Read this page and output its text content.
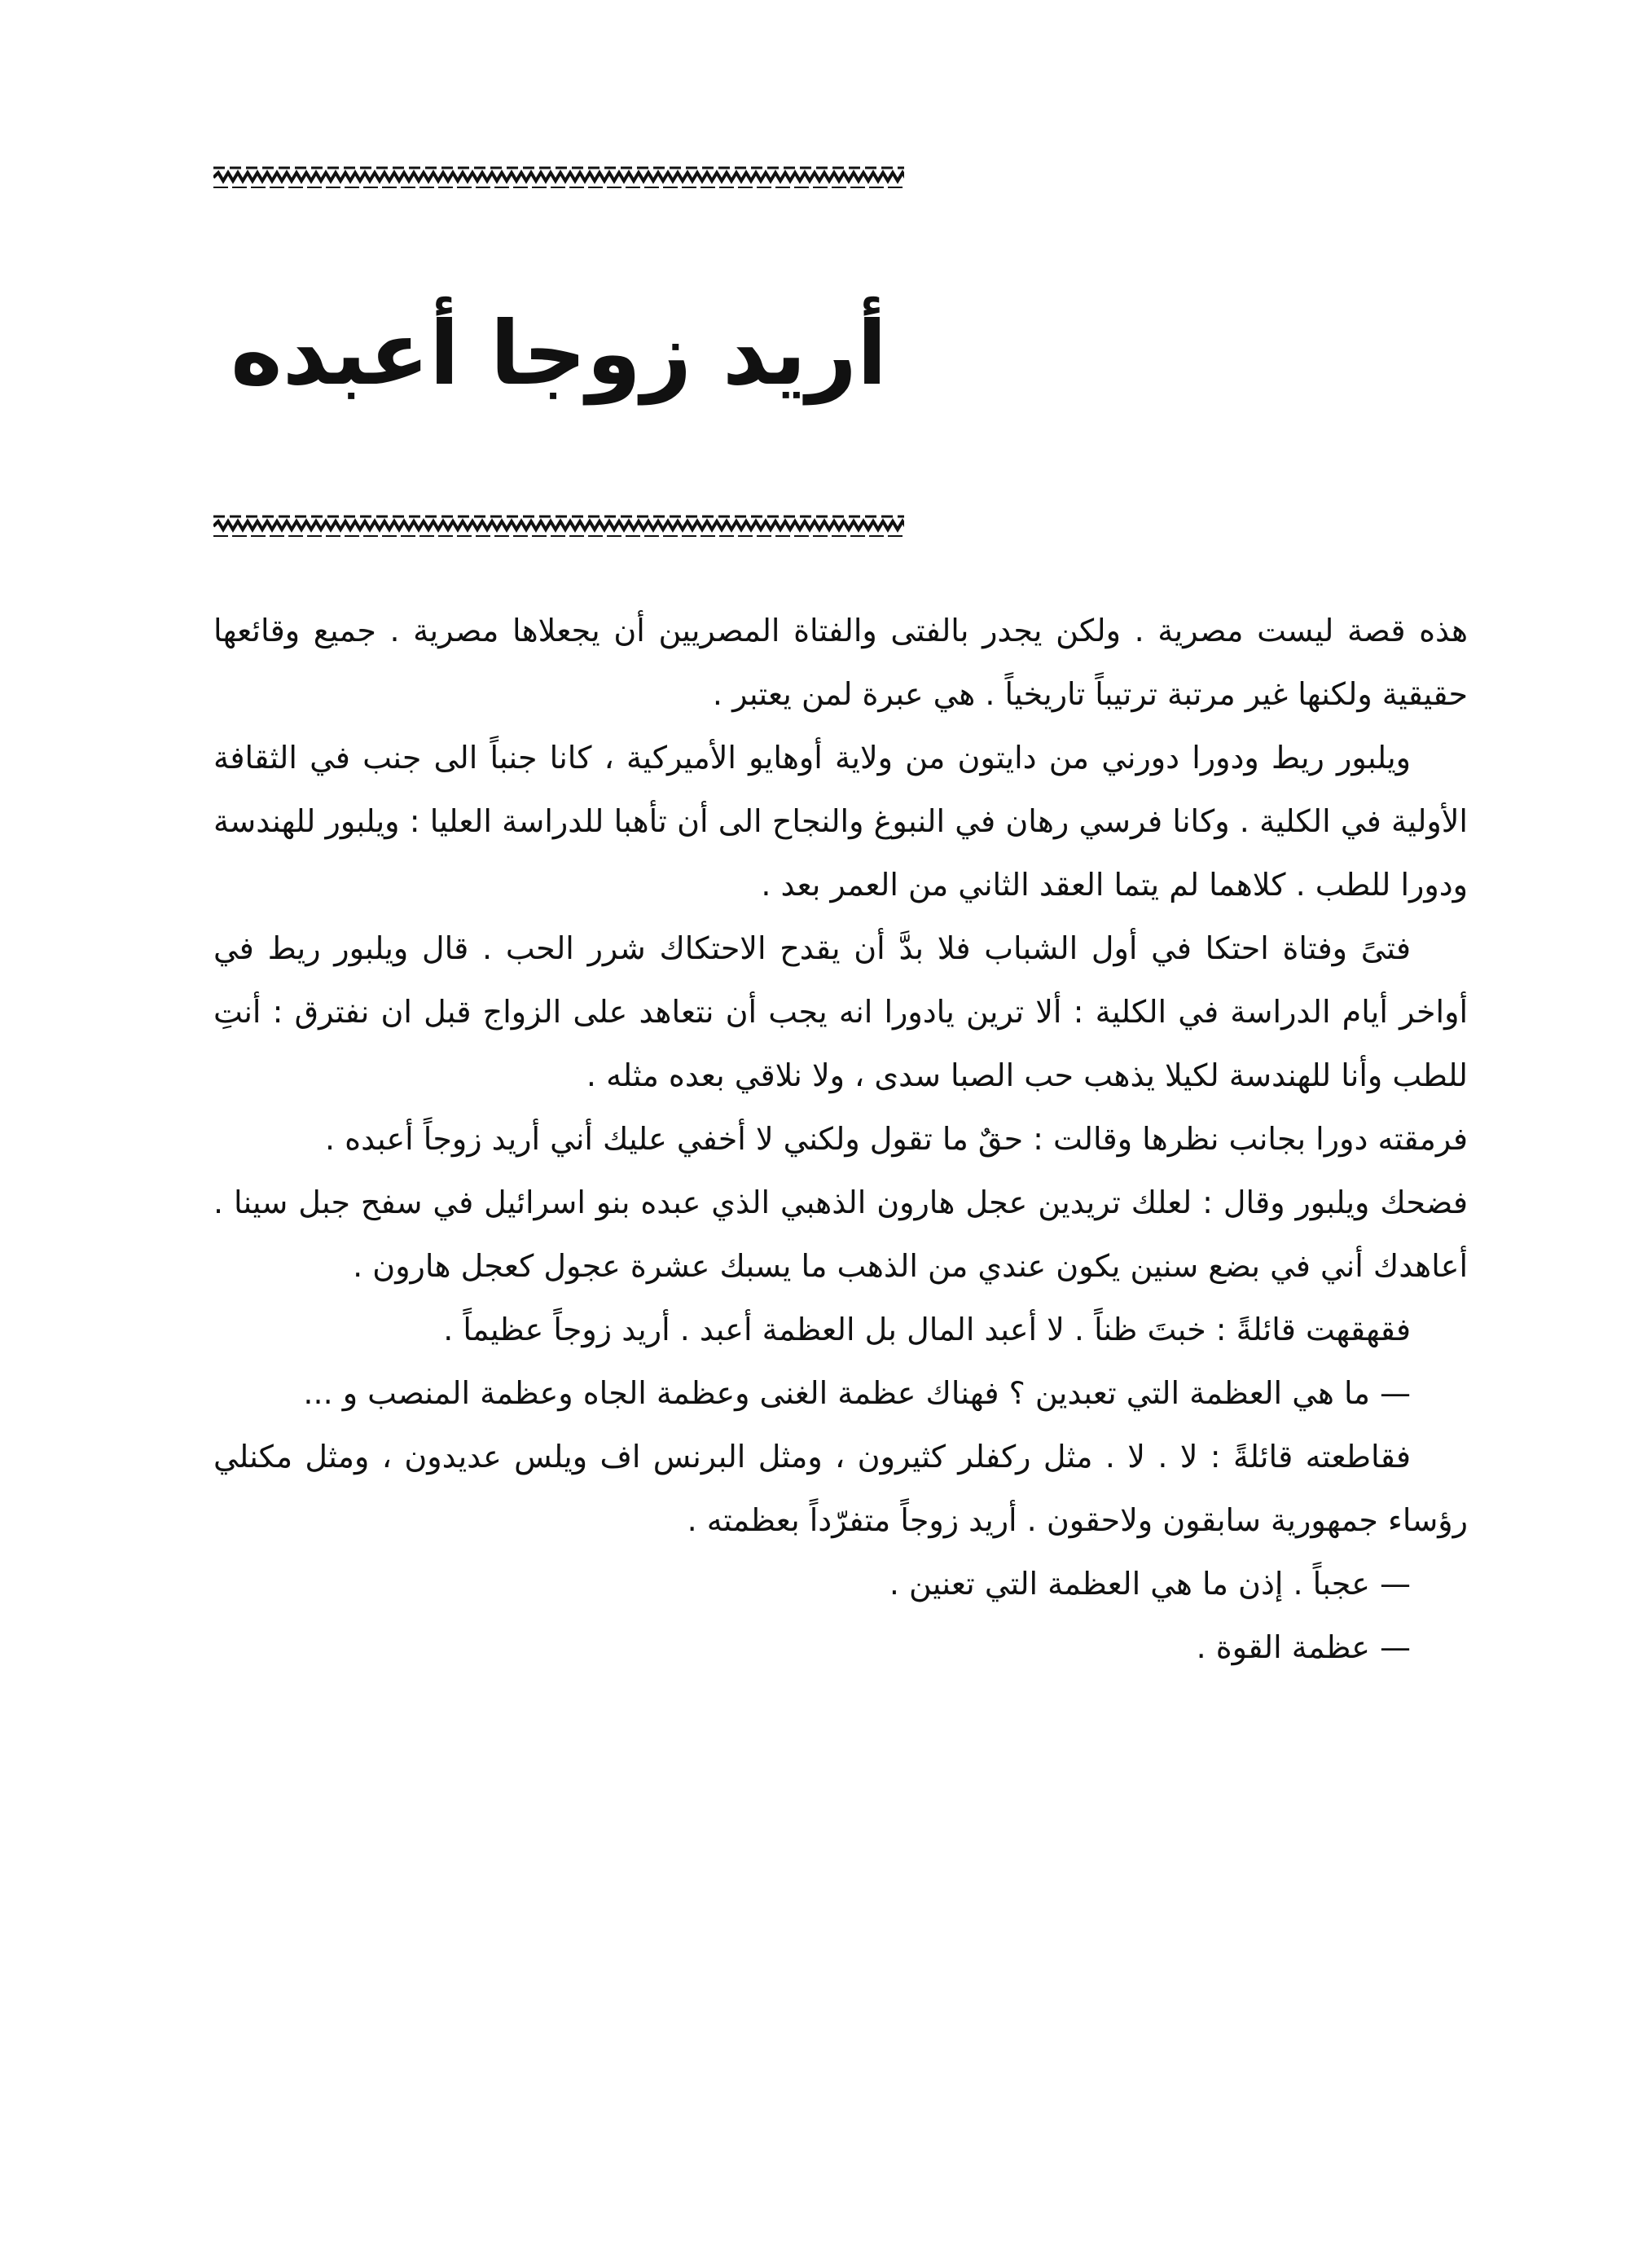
أريد زوجا أعبده

هذه قصة ليست مصرية . ولكن يجدر بالفتى والفتاة المصريين أن يجعلاها مصرية . جميع وقائعها حقيقية ولكنها غير مرتبة ترتيباً تاريخياً . هي عبرة لمن يعتبر .

ويلبور ريط ودورا دورني من دايتون من ولاية أوهايو الأميركية ، كانا جنباً الى جنب في الثقافة الأولية في الكلية . وكانا فرسي رهان في النبوغ والنجاح الى أن تأهبا للدراسة العليا : ويلبور للهندسة ودورا للطب . كلاهما لم يتما العقد الثاني من العمر بعد .

فتىً وفتاة احتكا في أول الشباب فلا بدَّ أن يقدح الاحتكاك شرر الحب . قال ويلبور ريط في أواخر أيام الدراسة في الكلية : ألا ترين يادورا انه يجب أن نتعاهد على الزواج قبل ان نفترق : أنتِ للطب وأنا للهندسة لكيلا يذهب حب الصبا سدى ، ولا نلاقي بعده مثله .

فرمقته دورا بجانب نظرها وقالت : حقٌ ما تقول ولكني لا أخفي عليك أني أريد زوجاً أعبده .

فضحك ويلبور وقال : لعلك تريدين عجل هارون الذهبي الذي عبده بنو اسرائيل في سفح جبل سينا . أعاهدك أني في بضع سنين يكون عندي من الذهب ما يسبك عشرة عجول كعجل هارون .

فقهقهت قائلةً : خبتَ ظناً . لا أعبد المال بل العظمة أعبد . أريد زوجاً عظيماً .

— ما هي العظمة التي تعبدين ؟ فهناك عظمة الغنى وعظمة الجاه وعظمة المنصب و ...

فقاطعته قائلةً : لا . لا . مثل ركفلر كثيرون ، ومثل البرنس اف ويلس عديدون ، ومثل مكنلي رؤساء جمهورية سابقون ولاحقون . أريد زوجاً متفرّداً بعظمته .

— عجباً . إذن ما هي العظمة التي تعنين .

— عظمة القوة .
